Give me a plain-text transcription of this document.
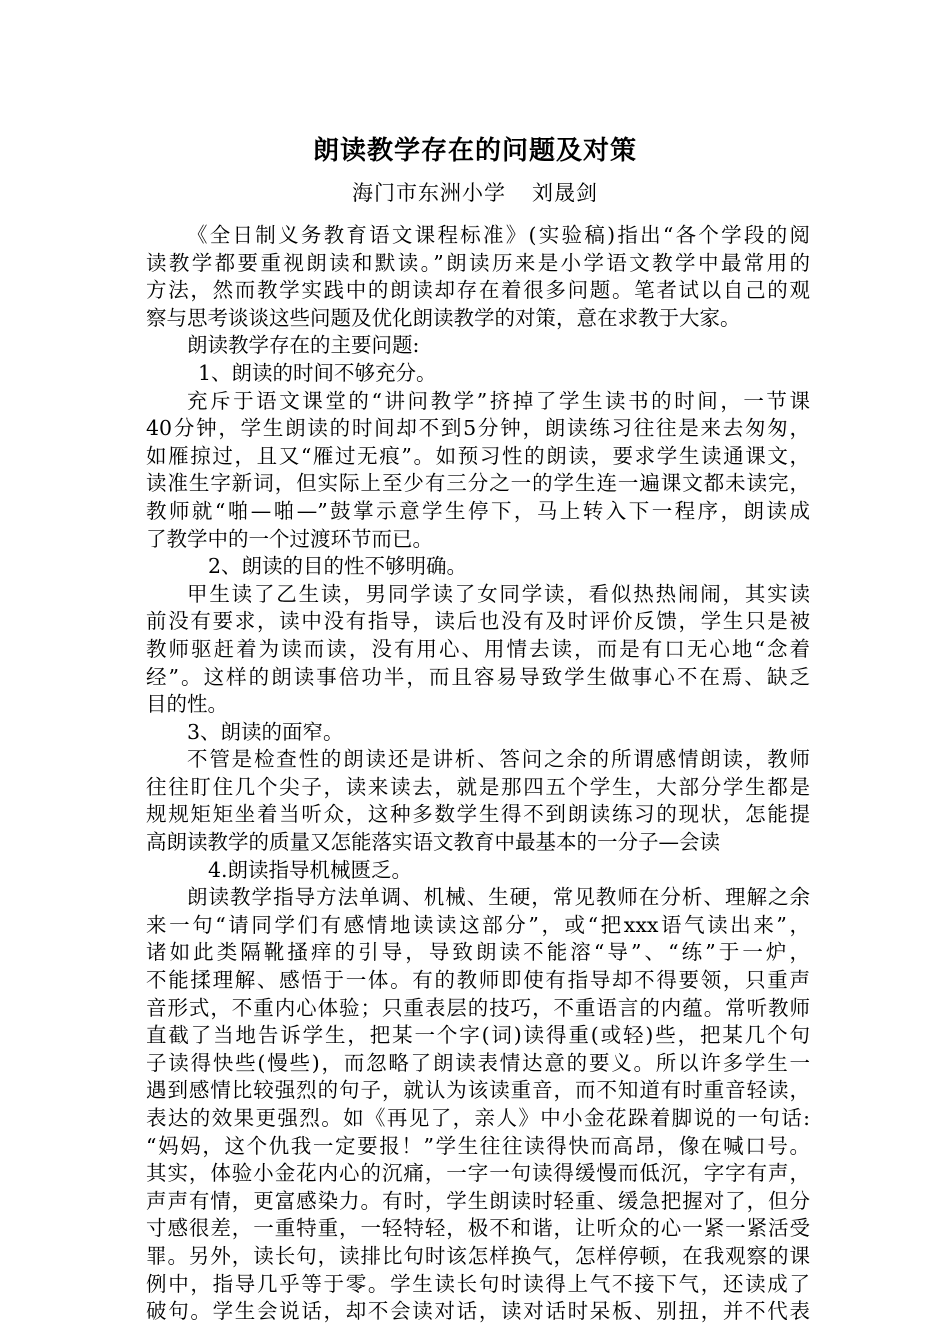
朗读教学存在的问题及对策
海门市东洲小学 刘晟剑
《全日制义务教育语文课程标准》(实验稿)指出“各个学段的阅
读教学都要重视朗读和默读。”朗读历来是小学语文教学中最常用的
方法，然而教学实践中的朗读却存在着很多问题。笔者试以自己的观
察与思考谈谈这些问题及优化朗读教学的对策，意在求教于大家。
朗读教学存在的主要问题:
1、朗读的时间不够充分。
充斥于语文课堂的“讲问教学”挤掉了学生读书的时间，一节课
40分钟，学生朗读的时间却不到5分钟，朗读练习往往是来去匆匆，
如雁掠过，且又“雁过无痕”。如预习性的朗读，要求学生读通课文，
读准生字新词，但实际上至少有三分之一的学生连一遍课文都未读完，
教师就“啪—啪—”鼓掌示意学生停下，马上转入下一程序，朗读成
了教学中的一个过渡环节而已。
2、朗读的目的性不够明确。
甲生读了乙生读，男同学读了女同学读，看似热热闹闹，其实读
前没有要求，读中没有指导，读后也没有及时评价反馈，学生只是被
教师驱赶着为读而读，没有用心、用情去读，而是有口无心地“念着
经”。这样的朗读事倍功半，而且容易导致学生做事心不在焉、缺乏
目的性。
3、朗读的面窄。
不管是检查性的朗读还是讲析、答问之余的所谓感情朗读，教师
往往盯住几个尖子，读来读去，就是那四五个学生，大部分学生都是
规规矩矩坐着当听众，这种多数学生得不到朗读练习的现状，怎能提
高朗读教学的质量又怎能落实语文教育中最基本的一分子—会读
4.朗读指导机械匮乏。
朗读教学指导方法单调、机械、生硬，常见教师在分析、理解之余
来一句“请同学们有感情地读读这部分”，或“把xxx语气读出来”，
诸如此类隔靴搔痒的引导，导致朗读不能溶“导”、“练”于一炉，
不能揉理解、感悟于一体。有的教师即使有指导却不得要领，只重声
音形式，不重内心体验；只重表层的技巧，不重语言的内蕴。常听教师
直截了当地告诉学生，把某一个字(词)读得重(或轻)些，把某几个句
子读得快些(慢些)，而忽略了朗读表情达意的要义。所以许多学生一
遇到感情比较强烈的句子，就认为该读重音，而不知道有时重音轻读，
表达的效果更强烈。如《再见了，亲人》中小金花跺着脚说的一句话:
“妈妈，这个仇我一定要报！”学生往往读得快而高昂，像在喊口号。
其实，体验小金花内心的沉痛，一字一句读得缓慢而低沉，字字有声，
声声有情，更富感染力。有时，学生朗读时轻重、缓急把握对了，但分
寸感很差，一重特重，一轻特轻，极不和谐，让听众的心一紧一紧活受
罪。另外，读长句，读排比句时该怎样换气，怎样停顿，在我观察的课
例中，指导几乎等于零。学生读长句时读得上气不接下气，还读成了
破句。学生会说话，却不会读对话，读对话时呆板、别扭，并不代表
